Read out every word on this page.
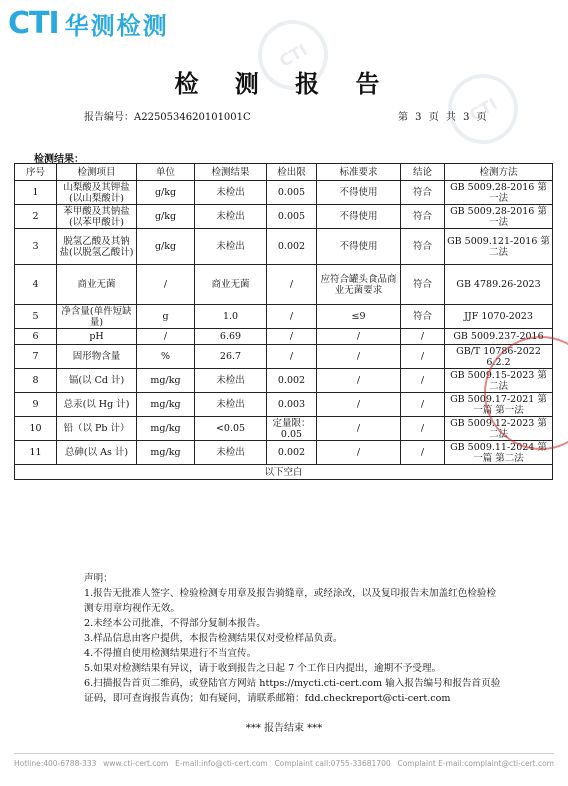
CTI 华测检测
CTI
CTI
检 测 报 告
报告编号：A2250534620101001C	第 3 页 共 3 页
检测结果：
序号	检测项目	单位	检测结果	检出限	标准要求	结论	检测方法
1	山梨酸及其钾盐(以山梨酸计)	g/kg	未检出	0.005	不得使用	符合	GB 5009.28-2016 第一法
2	苯甲酸及其钠盐(以苯甲酸计)	g/kg	未检出	0.005	不得使用	符合	GB 5009.28-2016 第一法
3	脱氢乙酸及其钠盐(以脱氢乙酸计)	g/kg	未检出	0.002	不得使用	符合	GB 5009.121-2016 第二法
4	商业无菌	/	商业无菌	/	应符合罐头食品商业无菌要求	符合	GB 4789.26-2023
5	净含量(单件短缺量)	g	1.0	/	≤9	符合	JJF 1070-2023
6	pH	/	6.69	/	/	/	GB 5009.237-2016
7	固形物含量	%	26.7	/	/	/	GB/T 10786-2022 6.2.2
8	镉(以 Cd 计)	mg/kg	未检出	0.002	/	/	GB 5009.15-2023 第二法
9	总汞(以 Hg 计)	mg/kg	未检出	0.003	/	/	GB 5009.17-2021 第一篇 第一法
10	铅（以 Pb 计）	mg/kg	<0.05	定量限：0.05	/	/	GB 5009.12-2023 第二法
11	总砷(以 As 计)	mg/kg	未检出	0.002	/	/	GB 5009.11-2024 第一篇 第二法
以下空白							
声明：
1.报告无批准人签字、检验检测专用章及报告骑缝章，或经涂改，以及复印报告未加盖红色检验检测专用章均视作无效。
2.未经本公司批准，不得部分复制本报告。
3.样品信息由客户提供，本报告检测结果仅对受检样品负责。
4.不得擅自使用检测结果进行不当宣传。
5.如果对检测结果有异议，请于收到报告之日起 7 个工作日内提出，逾期不予受理。
6.扫描报告首页二维码，或登陆官方网站 https://mycti.cti-cert.com 输入报告编号和报告首页验证码，即可查询报告真伪；如有疑问，请联系邮箱：fdd.checkreport@cti-cert.com
*** 报告结束 ***
Hotline:400-6788-333 www.cti-cert.com E-mail:info@cti-cert.com Complaint call:0755-33681700 Complaint E-mail:complaint@cti-cert.com
